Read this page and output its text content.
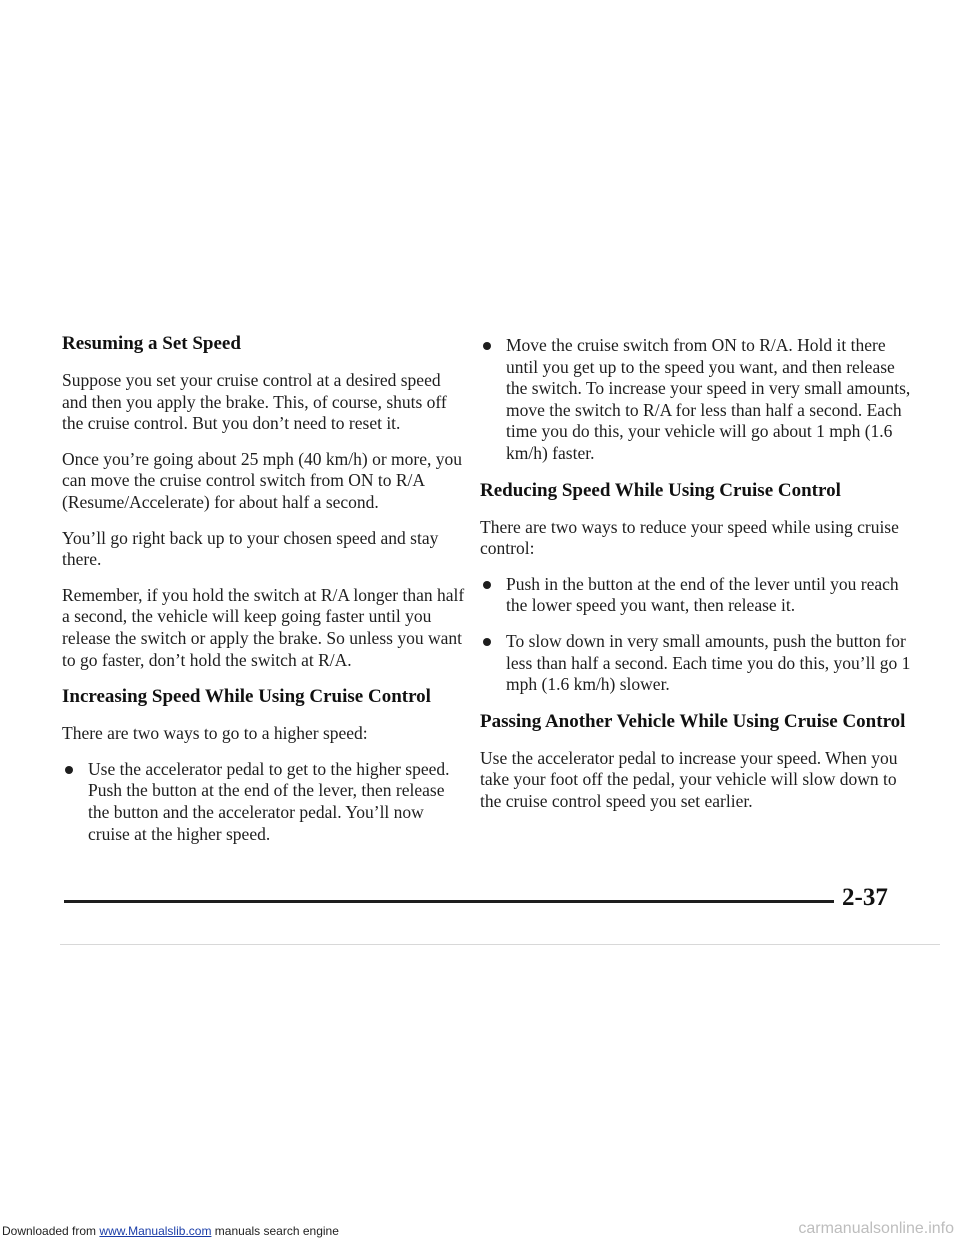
Resuming a Set Speed

Suppose you set your cruise control at a desired speed and then you apply the brake. This, of course, shuts off the cruise control. But you don’t need to reset it.

Once you’re going about 25 mph (40 km/h) or more, you can move the cruise control switch from ON to R/A (Resume/Accelerate) for about half a second.

You’ll go right back up to your chosen speed and stay there.

Remember, if you hold the switch at R/A longer than half a second, the vehicle will keep going faster until you release the switch or apply the brake. So unless you want to go faster, don’t hold the switch at R/A.

Increasing Speed While Using Cruise Control

There are two ways to go to a higher speed:

Use the accelerator pedal to get to the higher speed. Push the button at the end of the lever, then release the button and the accelerator pedal. You’ll now cruise at the higher speed.
Move the cruise switch from ON to R/A. Hold it there until you get up to the speed you want, and then release the switch. To increase your speed in very small amounts, move the switch to R/A for less than half a second. Each time you do this, your vehicle will go about 1 mph (1.6 km/h) faster.
Reducing Speed While Using Cruise Control

There are two ways to reduce your speed while using cruise control:

Push in the button at the end of the lever until you reach the lower speed you want, then release it.
To slow down in very small amounts, push the button for less than half a second. Each time you do this, you’ll go 1 mph (1.6 km/h) slower.
Passing Another Vehicle While Using Cruise Control

Use the accelerator pedal to increase your speed. When you take your foot off the pedal, your vehicle will slow down to the cruise control speed you set earlier.

2-37
Downloaded from www.Manualslib.com manuals search engine	carmanualsonline.info
